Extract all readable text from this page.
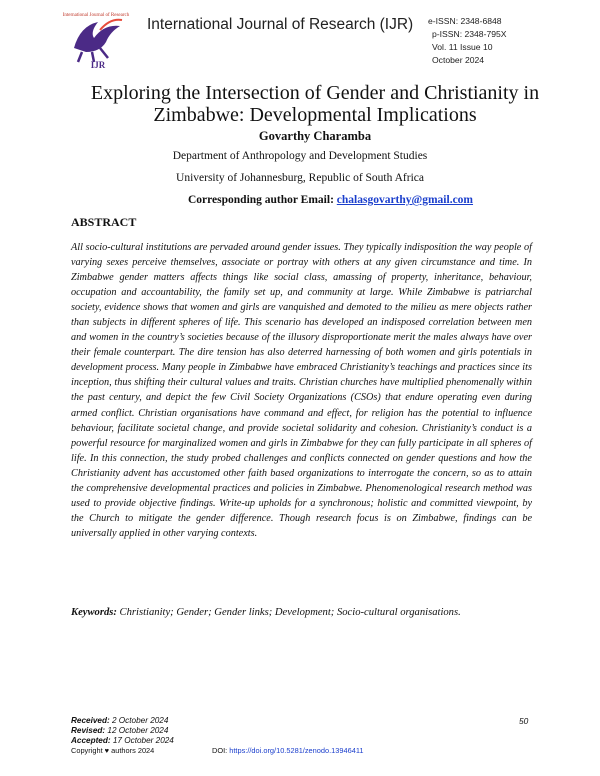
International Journal of Research
IJR
International Journal of Research (IJR) e-ISSN: 2348-6848
p-ISSN: 2348-795X
Vol. 11 Issue 10
October 2024
Exploring the Intersection of Gender and Christianity in Zimbabwe: Developmental Implications
Govarthy Charamba
Department of Anthropology and Development Studies
University of Johannesburg, Republic of South Africa
Corresponding author Email: chalasgovarthy@gmail.com
ABSTRACT
All socio-cultural institutions are pervaded around gender issues. They typically indisposition the way people of varying sexes perceive themselves, associate or portray with others at any given circumstance and time. In Zimbabwe gender matters affects things like social class, amassing of property, inheritance, behaviour, occupation and accountability, the family set up, and community at large. While Zimbabwe is patriarchal society, evidence shows that women and girls are vanquished and demoted to the milieu as mere objects rather than subjects in different spheres of life. This scenario has developed an indisposed correlation between men and women in the country’s societies because of the illusory disproportionate merit the males always have over their female counterpart. The dire tension has also deterred harnessing of both women and girls potentials in development process. Many people in Zimbabwe have embraced Christianity’s teachings and practices since its inception, thus shifting their cultural values and traits. Christian churches have multiplied phenomenally within the past century, and depict the few Civil Society Organizations (CSOs) that endure operating even during armed conflict. Christian organisations have command and effect, for religion has the potential to influence behaviour, facilitate societal change, and provide societal solidarity and cohesion. Christianity’s conduct is a powerful resource for marginalized women and girls in Zimbabwe for they can fully participate in all spheres of life. In this connection, the study probed challenges and conflicts connected on gender questions and how the Christianity advent has accustomed other faith based organizations to interrogate the concern, so as to attain the comprehensive developmental practices and policies in Zimbabwe. Phenomenological research method was used to provide objective findings. Write-up upholds for a synchronous; holistic and committed viewpoint, by the Church to mitigate the gender difference. Though research focus is on Zimbabwe, findings can be universally applied in other varying contexts.
Keywords: Christianity; Gender; Gender links; Development; Socio-cultural organisations.
Received: 2 October 2024
Revised: 12 October 2024
Accepted: 17 October 2024
Copyright ♥ authors 2024
50
DOI: https://doi.org/10.5281/zenodo.13946411
